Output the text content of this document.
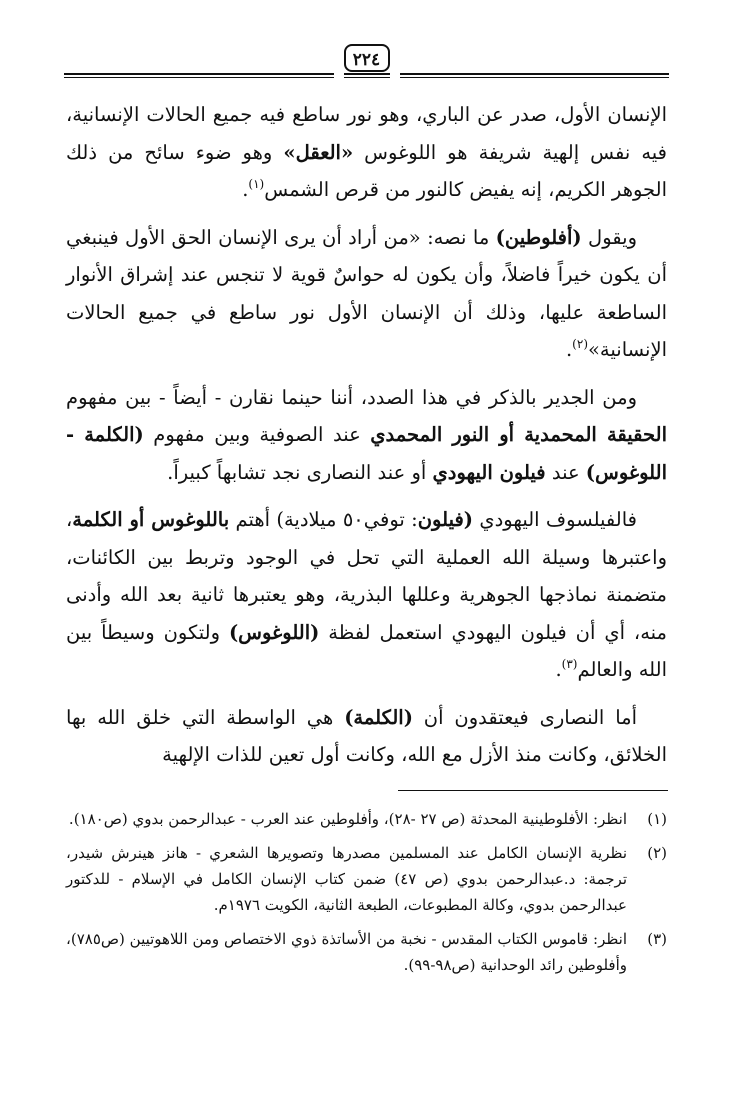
٢٢٤

الإنسان الأول، صدر عن الباري، وهو نور ساطع فيه جميع الحالات الإنسانية، فيه نفس إلهية شريفة هو اللوغوس «العقل» وهو ضوء سائح من ذلك الجوهر الكريم، إنه يفيض كالنور من قرص الشمس$^{(١)}$.

ويقول (أفلوطين) ما نصه: «من أراد أن يرى الإنسان الحق الأول فينبغي أن يكون خيراً فاضلاً، وأن يكون له حواسٌ قوية لا تنجس عند إشراق الأنوار الساطعة عليها، وذلك أن الإنسان الأول نور ساطع في جميع الحالات الإنسانية»$^{(٢)}$.

ومن الجدير بالذكر في هذا الصدد، أننا حينما نقارن - أيضاً - بين مفهوم الحقيقة المحمدية أو النور المحمدي عند الصوفية وبين مفهوم (الكلمة - اللوغوس) عند فيلون اليهودي أو عند النصارى نجد تشابهاً كبيراً.

فالفيلسوف اليهودي (فيلون: توفي٥٠ ميلادية) أهتم باللوغوس أو الكلمة، واعتبرها وسيلة الله العملية التي تحل في الوجود وتربط بين الكائنات، متضمنة نماذجها الجوهرية وعللها البذرية، وهو يعتبرها ثانية بعد الله وأدنى منه، أي أن فيلون اليهودي استعمل لفظة (اللوغوس) ولتكون وسيطاً بين الله والعالم$^{(٣)}$.

أما النصارى فيعتقدون أن (الكلمة) هي الواسطة التي خلق الله بها الخلائق، وكانت منذ الأزل مع الله، وكانت أول تعين للذات الإلهية

(١)
انظر: الأفلوطينية المحدثة (ص ٢٧ -٢٨)، وأفلوطين عند العرب - عبدالرحمن بدوي (ص١٨٠).
(٢)
نظرية الإنسان الكامل عند المسلمين مصدرها وتصويرها الشعري - هانز هينرش شيدر، ترجمة: د.عبدالرحمن بدوي (ص ٤٧) ضمن كتاب الإنسان الكامل في الإسلام - للدكتور عبدالرحمن بدوي، وكالة المطبوعات، الطبعة الثانية، الكويت ١٩٧٦م.
(٣)
انظر: قاموس الكتاب المقدس - نخبة من الأساتذة ذوي الاختصاص ومن اللاهوتيين (ص٧٨٥)، وأفلوطين رائد الوحدانية (ص٩٨-٩٩).
